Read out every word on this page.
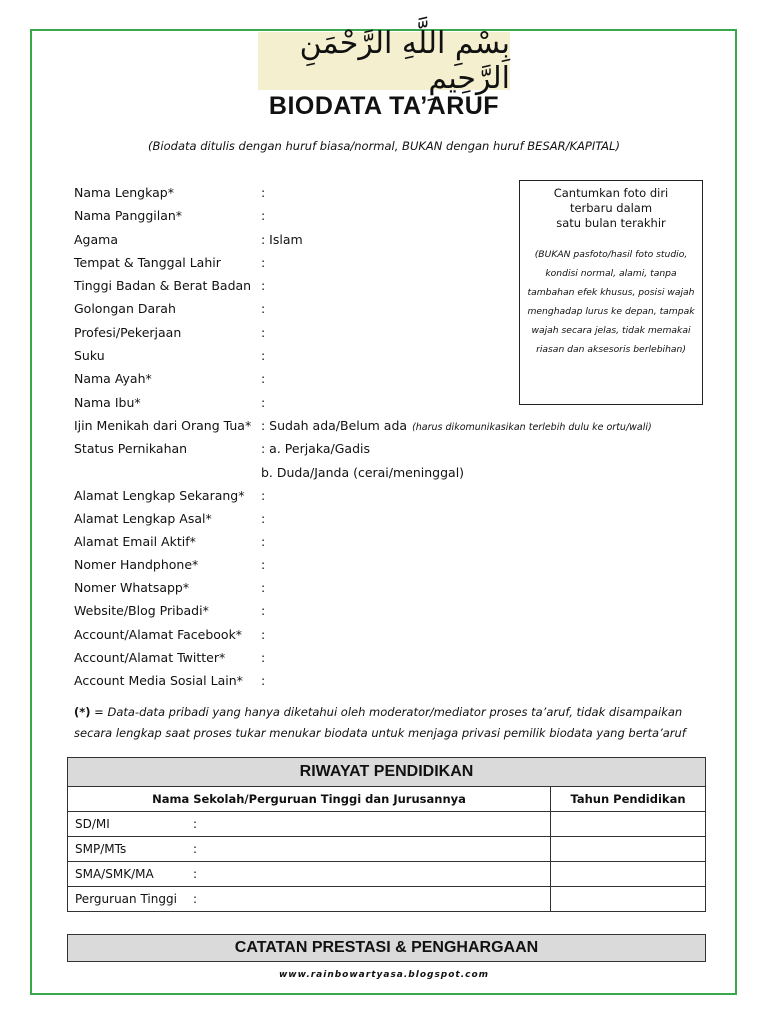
بِسْمِ اللَّهِ الرَّحْمَنِ الرَّحِيمِ
BIODATA TA’ARUF
(Biodata ditulis dengan huruf biasa/normal, BUKAN dengan huruf BESAR/KAPITAL)
Nama Lengkap*	:
Nama Panggilan*	:
Agama	: Islam
Tempat & Tanggal Lahir	:
Tinggi Badan & Berat Badan :
Golongan Darah	:
Profesi/Pekerjaan	:
Suku	:
Nama Ayah*	:
Nama Ibu*	:
Ijin Menikah dari Orang Tua* : Sudah ada/Belum ada (harus dikomunikasikan terlebih dulu ke ortu/wali)
Status Pernikahan	: a. Perjaka/Gadis
b. Duda/Janda (cerai/meninggal)
Alamat Lengkap Sekarang* :
Alamat Lengkap Asal*	:
Alamat Email Aktif*	:
Nomer Handphone*	:
Nomer Whatsapp*	:
Website/Blog Pribadi*	:
Account/Alamat Facebook* :
Account/Alamat Twitter*	:
Account Media Sosial Lain* :
Cantumkan foto diri
terbaru dalam
satu bulan terakhir
(BUKAN pasfoto/hasil foto studio, kondisi normal, alami, tanpa tambahan efek khusus, posisi wajah menghadap lurus ke depan, tampak wajah secara jelas, tidak memakai riasan dan aksesoris berlebihan)
(*) = Data-data pribadi yang hanya diketahui oleh moderator/mediator proses ta’aruf, tidak disampaikan secara lengkap saat proses tukar menukar biodata untuk menjaga privasi pemilik biodata yang berta’aruf
RIWAYAT PENDIDIKAN	
Nama Sekolah/Perguruan Tinggi dan Jurusannya	Tahun Pendidikan
SD/MI :	
SMP/MTs :	
SMA/SMK/MA :	
Perguruan Tinggi :	
CATATAN PRESTASI & PENGHARGAAN
www.rainbowartyasa.blogspot.com
